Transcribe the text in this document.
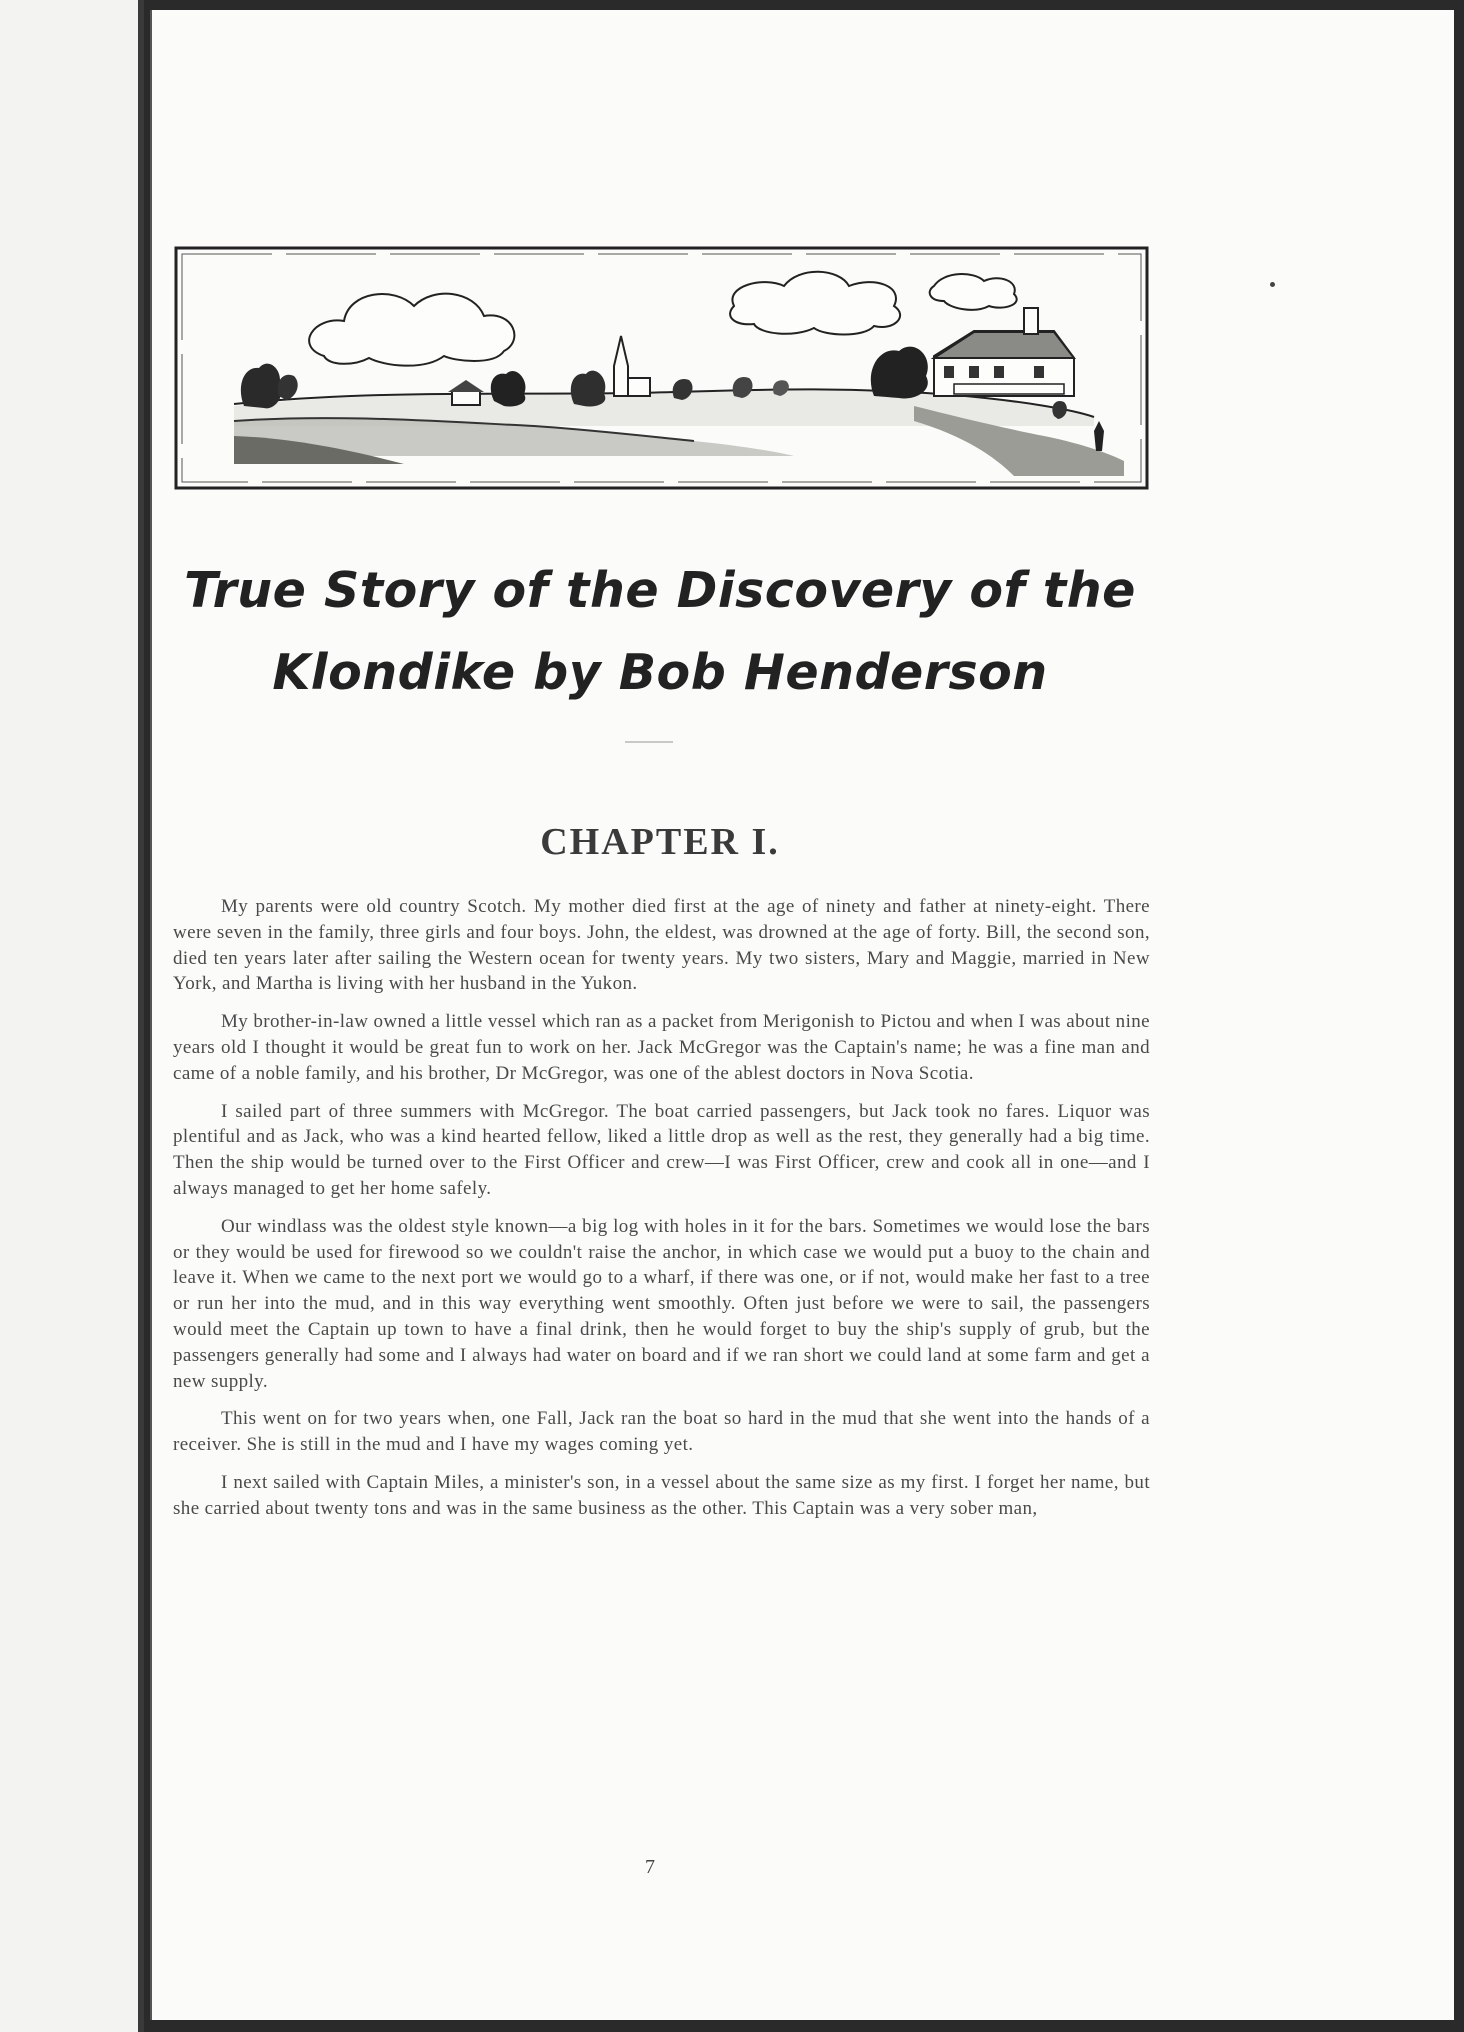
True Story of the Discovery of the
Klondike by Bob Henderson
CHAPTER I.

My parents were old country Scotch. My mother died first at the age of ninety and father at ninety-eight. There were seven in the family, three girls and four boys. John, the eldest, was drowned at the age of forty. Bill, the second son, died ten years later after sailing the Western ocean for twenty years. My two sisters, Mary and Maggie, married in New York, and Martha is living with her husband in the Yukon.

My brother-in-law owned a little vessel which ran as a packet from Merigonish to Pictou and when I was about nine years old I thought it would be great fun to work on her. Jack McGregor was the Captain's name; he was a fine man and came of a noble family, and his brother, Dr McGregor, was one of the ablest doctors in Nova Scotia.

I sailed part of three summers with McGregor. The boat carried passengers, but Jack took no fares. Liquor was plentiful and as Jack, who was a kind hearted fellow, liked a little drop as well as the rest, they generally had a big time. Then the ship would be turned over to the First Officer and crew—I was First Officer, crew and cook all in one—and I always managed to get her home safely.

Our windlass was the oldest style known—a big log with holes in it for the bars. Sometimes we would lose the bars or they would be used for firewood so we couldn't raise the anchor, in which case we would put a buoy to the chain and leave it. When we came to the next port we would go to a wharf, if there was one, or if not, would make her fast to a tree or run her into the mud, and in this way everything went smoothly. Often just before we were to sail, the passengers would meet the Captain up town to have a final drink, then he would forget to buy the ship's supply of grub, but the passengers generally had some and I always had water on board and if we ran short we could land at some farm and get a new supply.

This went on for two years when, one Fall, Jack ran the boat so hard in the mud that she went into the hands of a receiver. She is still in the mud and I have my wages coming yet.

I next sailed with Captain Miles, a minister's son, in a vessel about the same size as my first. I forget her name, but she carried about twenty tons and was in the same business as the other. This Captain was a very sober man,

7
